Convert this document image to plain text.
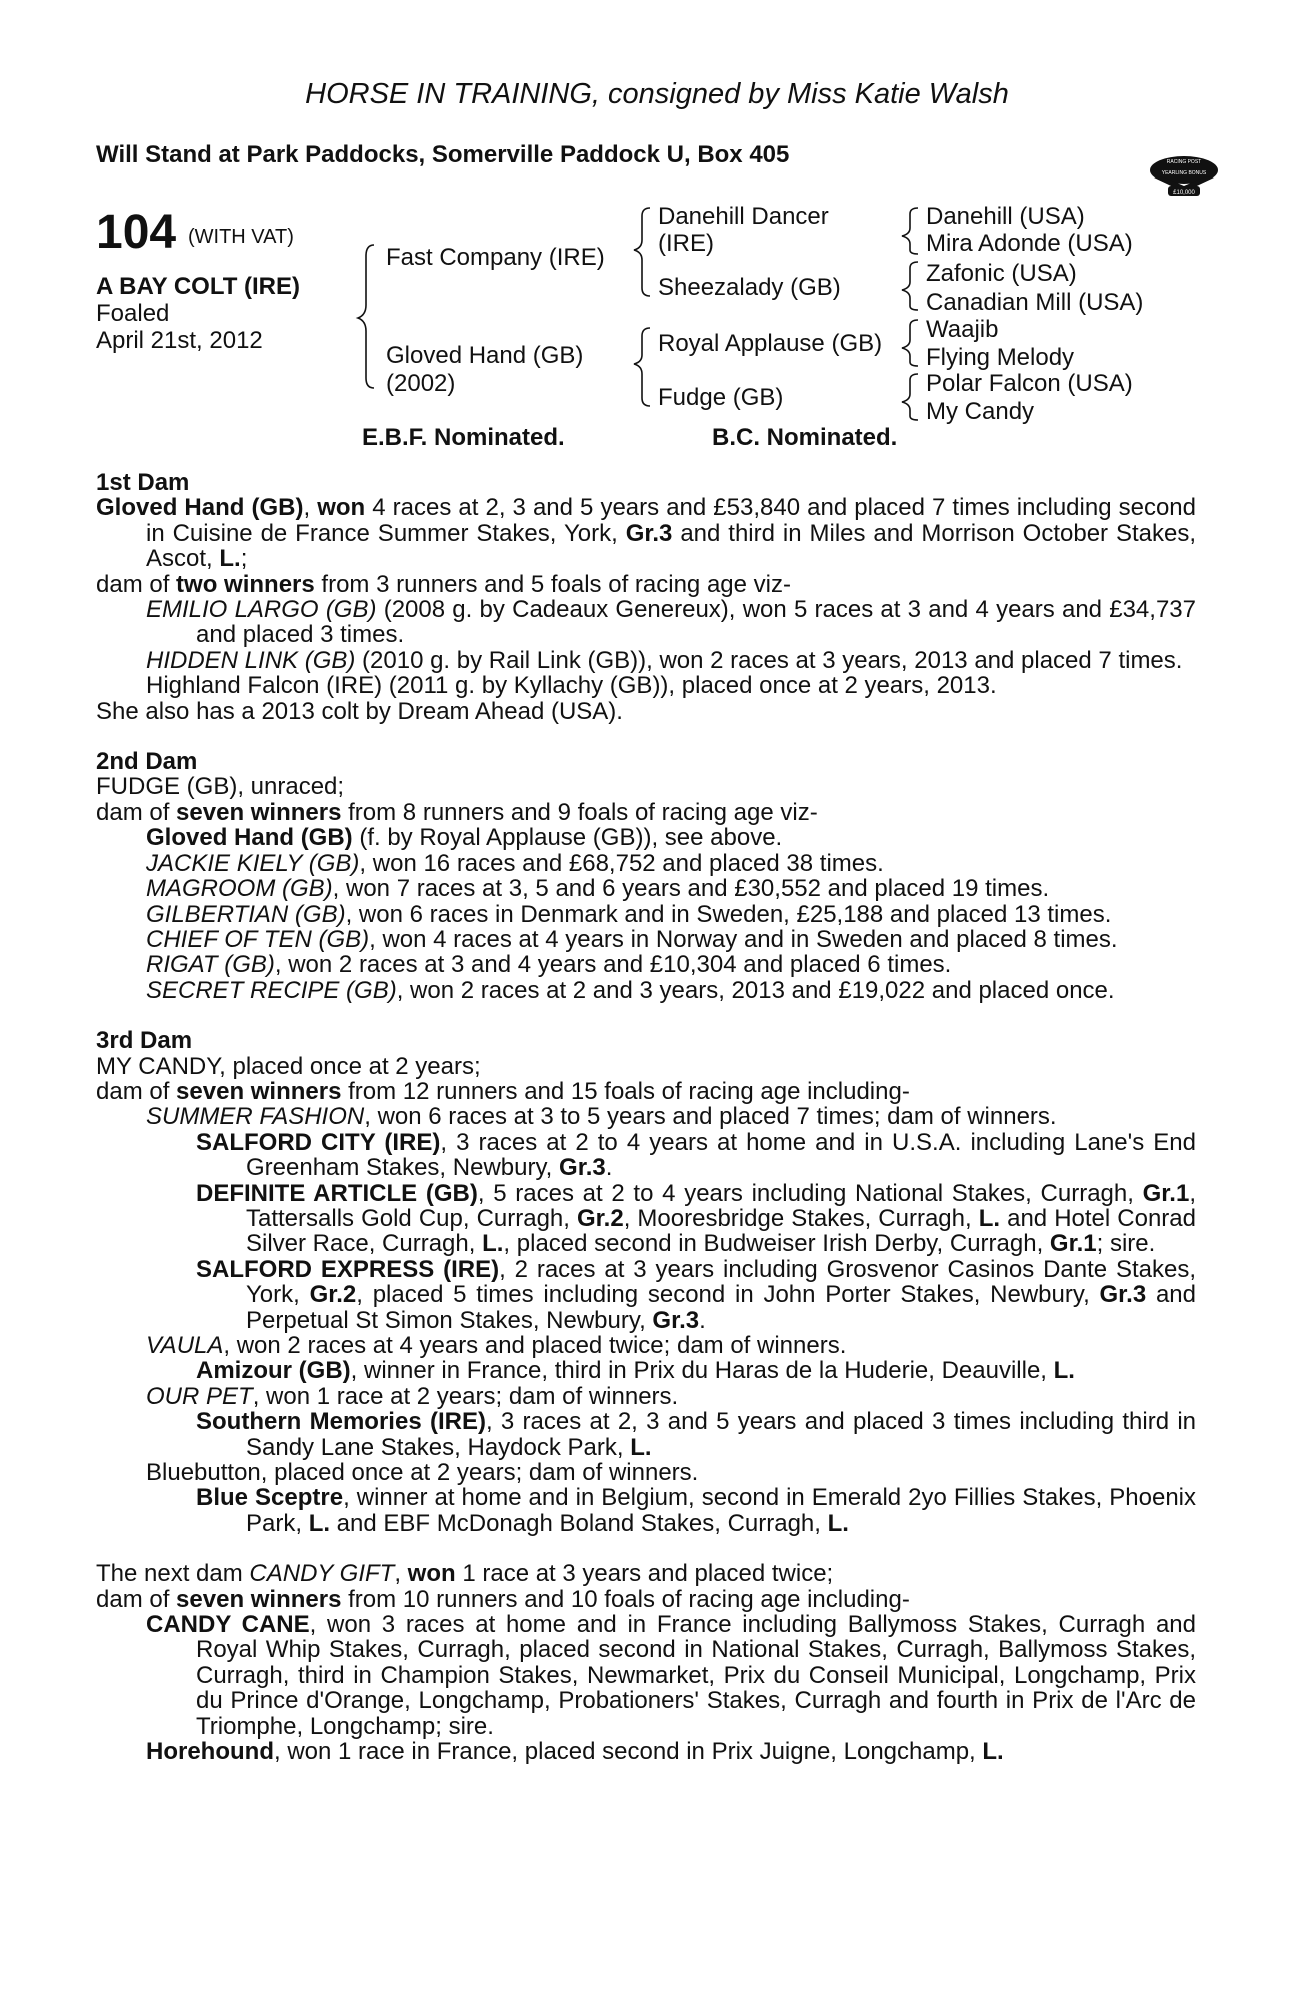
HORSE IN TRAINING, consigned by Miss Katie Walsh
Will Stand at Park Paddocks, Somerville Paddock U, Box 405	RACING POST
YEARLING BONUS
£10,000
104 (WITH VAT)
A BAY COLT (IRE)
Foaled
April 21st, 2012
Fast Company (IRE)
Gloved Hand (GB)
(2002)
Danehill Dancer
(IRE)
Sheezalady (GB)
Royal Applause (GB)
Fudge (GB)
Danehill (USA)
Mira Adonde (USA)
Zafonic (USA)
Canadian Mill (USA)
Waajib
Flying Melody
Polar Falcon (USA)
My Candy
E.B.F. Nominated.	B.C. Nominated.
1st Dam
Gloved Hand (GB), won 4 races at 2, 3 and 5 years and £53,840 and placed 7 times including second in Cuisine de France Summer Stakes, York, Gr.3 and third in Miles and Morrison October Stakes, Ascot, L.;
dam of two winners from 3 runners and 5 foals of racing age viz-
EMILIO LARGO (GB) (2008 g. by Cadeaux Genereux), won 5 races at 3 and 4 years and £34,737 and placed 3 times.
HIDDEN LINK (GB) (2010 g. by Rail Link (GB)), won 2 races at 3 years, 2013 and placed 7 times.
Highland Falcon (IRE) (2011 g. by Kyllachy (GB)), placed once at 2 years, 2013.
She also has a 2013 colt by Dream Ahead (USA).
2nd Dam
FUDGE (GB), unraced;
dam of seven winners from 8 runners and 9 foals of racing age viz-
Gloved Hand (GB) (f. by Royal Applause (GB)), see above.
JACKIE KIELY (GB), won 16 races and £68,752 and placed 38 times.
MAGROOM (GB), won 7 races at 3, 5 and 6 years and £30,552 and placed 19 times.
GILBERTIAN (GB), won 6 races in Denmark and in Sweden, £25,188 and placed 13 times.
CHIEF OF TEN (GB), won 4 races at 4 years in Norway and in Sweden and placed 8 times.
RIGAT (GB), won 2 races at 3 and 4 years and £10,304 and placed 6 times.
SECRET RECIPE (GB), won 2 races at 2 and 3 years, 2013 and £19,022 and placed once.
3rd Dam
MY CANDY, placed once at 2 years;
dam of seven winners from 12 runners and 15 foals of racing age including-
SUMMER FASHION, won 6 races at 3 to 5 years and placed 7 times; dam of winners.
SALFORD CITY (IRE), 3 races at 2 to 4 years at home and in U.S.A. including Lane's End Greenham Stakes, Newbury, Gr.3.
DEFINITE ARTICLE (GB), 5 races at 2 to 4 years including National Stakes, Curragh, Gr.1, Tattersalls Gold Cup, Curragh, Gr.2, Mooresbridge Stakes, Curragh, L. and Hotel Conrad Silver Race, Curragh, L., placed second in Budweiser Irish Derby, Curragh, Gr.1; sire.
SALFORD EXPRESS (IRE), 2 races at 3 years including Grosvenor Casinos Dante Stakes, York, Gr.2, placed 5 times including second in John Porter Stakes, Newbury, Gr.3 and Perpetual St Simon Stakes, Newbury, Gr.3.
VAULA, won 2 races at 4 years and placed twice; dam of winners.
Amizour (GB), winner in France, third in Prix du Haras de la Huderie, Deauville, L.
OUR PET, won 1 race at 2 years; dam of winners.
Southern Memories (IRE), 3 races at 2, 3 and 5 years and placed 3 times including third in Sandy Lane Stakes, Haydock Park, L.
Bluebutton, placed once at 2 years; dam of winners.
Blue Sceptre, winner at home and in Belgium, second in Emerald 2yo Fillies Stakes, Phoenix Park, L. and EBF McDonagh Boland Stakes, Curragh, L.
The next dam CANDY GIFT, won 1 race at 3 years and placed twice;
dam of seven winners from 10 runners and 10 foals of racing age including-
CANDY CANE, won 3 races at home and in France including Ballymoss Stakes, Curragh and Royal Whip Stakes, Curragh, placed second in National Stakes, Curragh, Ballymoss Stakes, Curragh, third in Champion Stakes, Newmarket, Prix du Conseil Municipal, Longchamp, Prix du Prince d'Orange, Longchamp, Probationers' Stakes, Curragh and fourth in Prix de l'Arc de Triomphe, Longchamp; sire.
Horehound, won 1 race in France, placed second in Prix Juigne, Longchamp, L.
